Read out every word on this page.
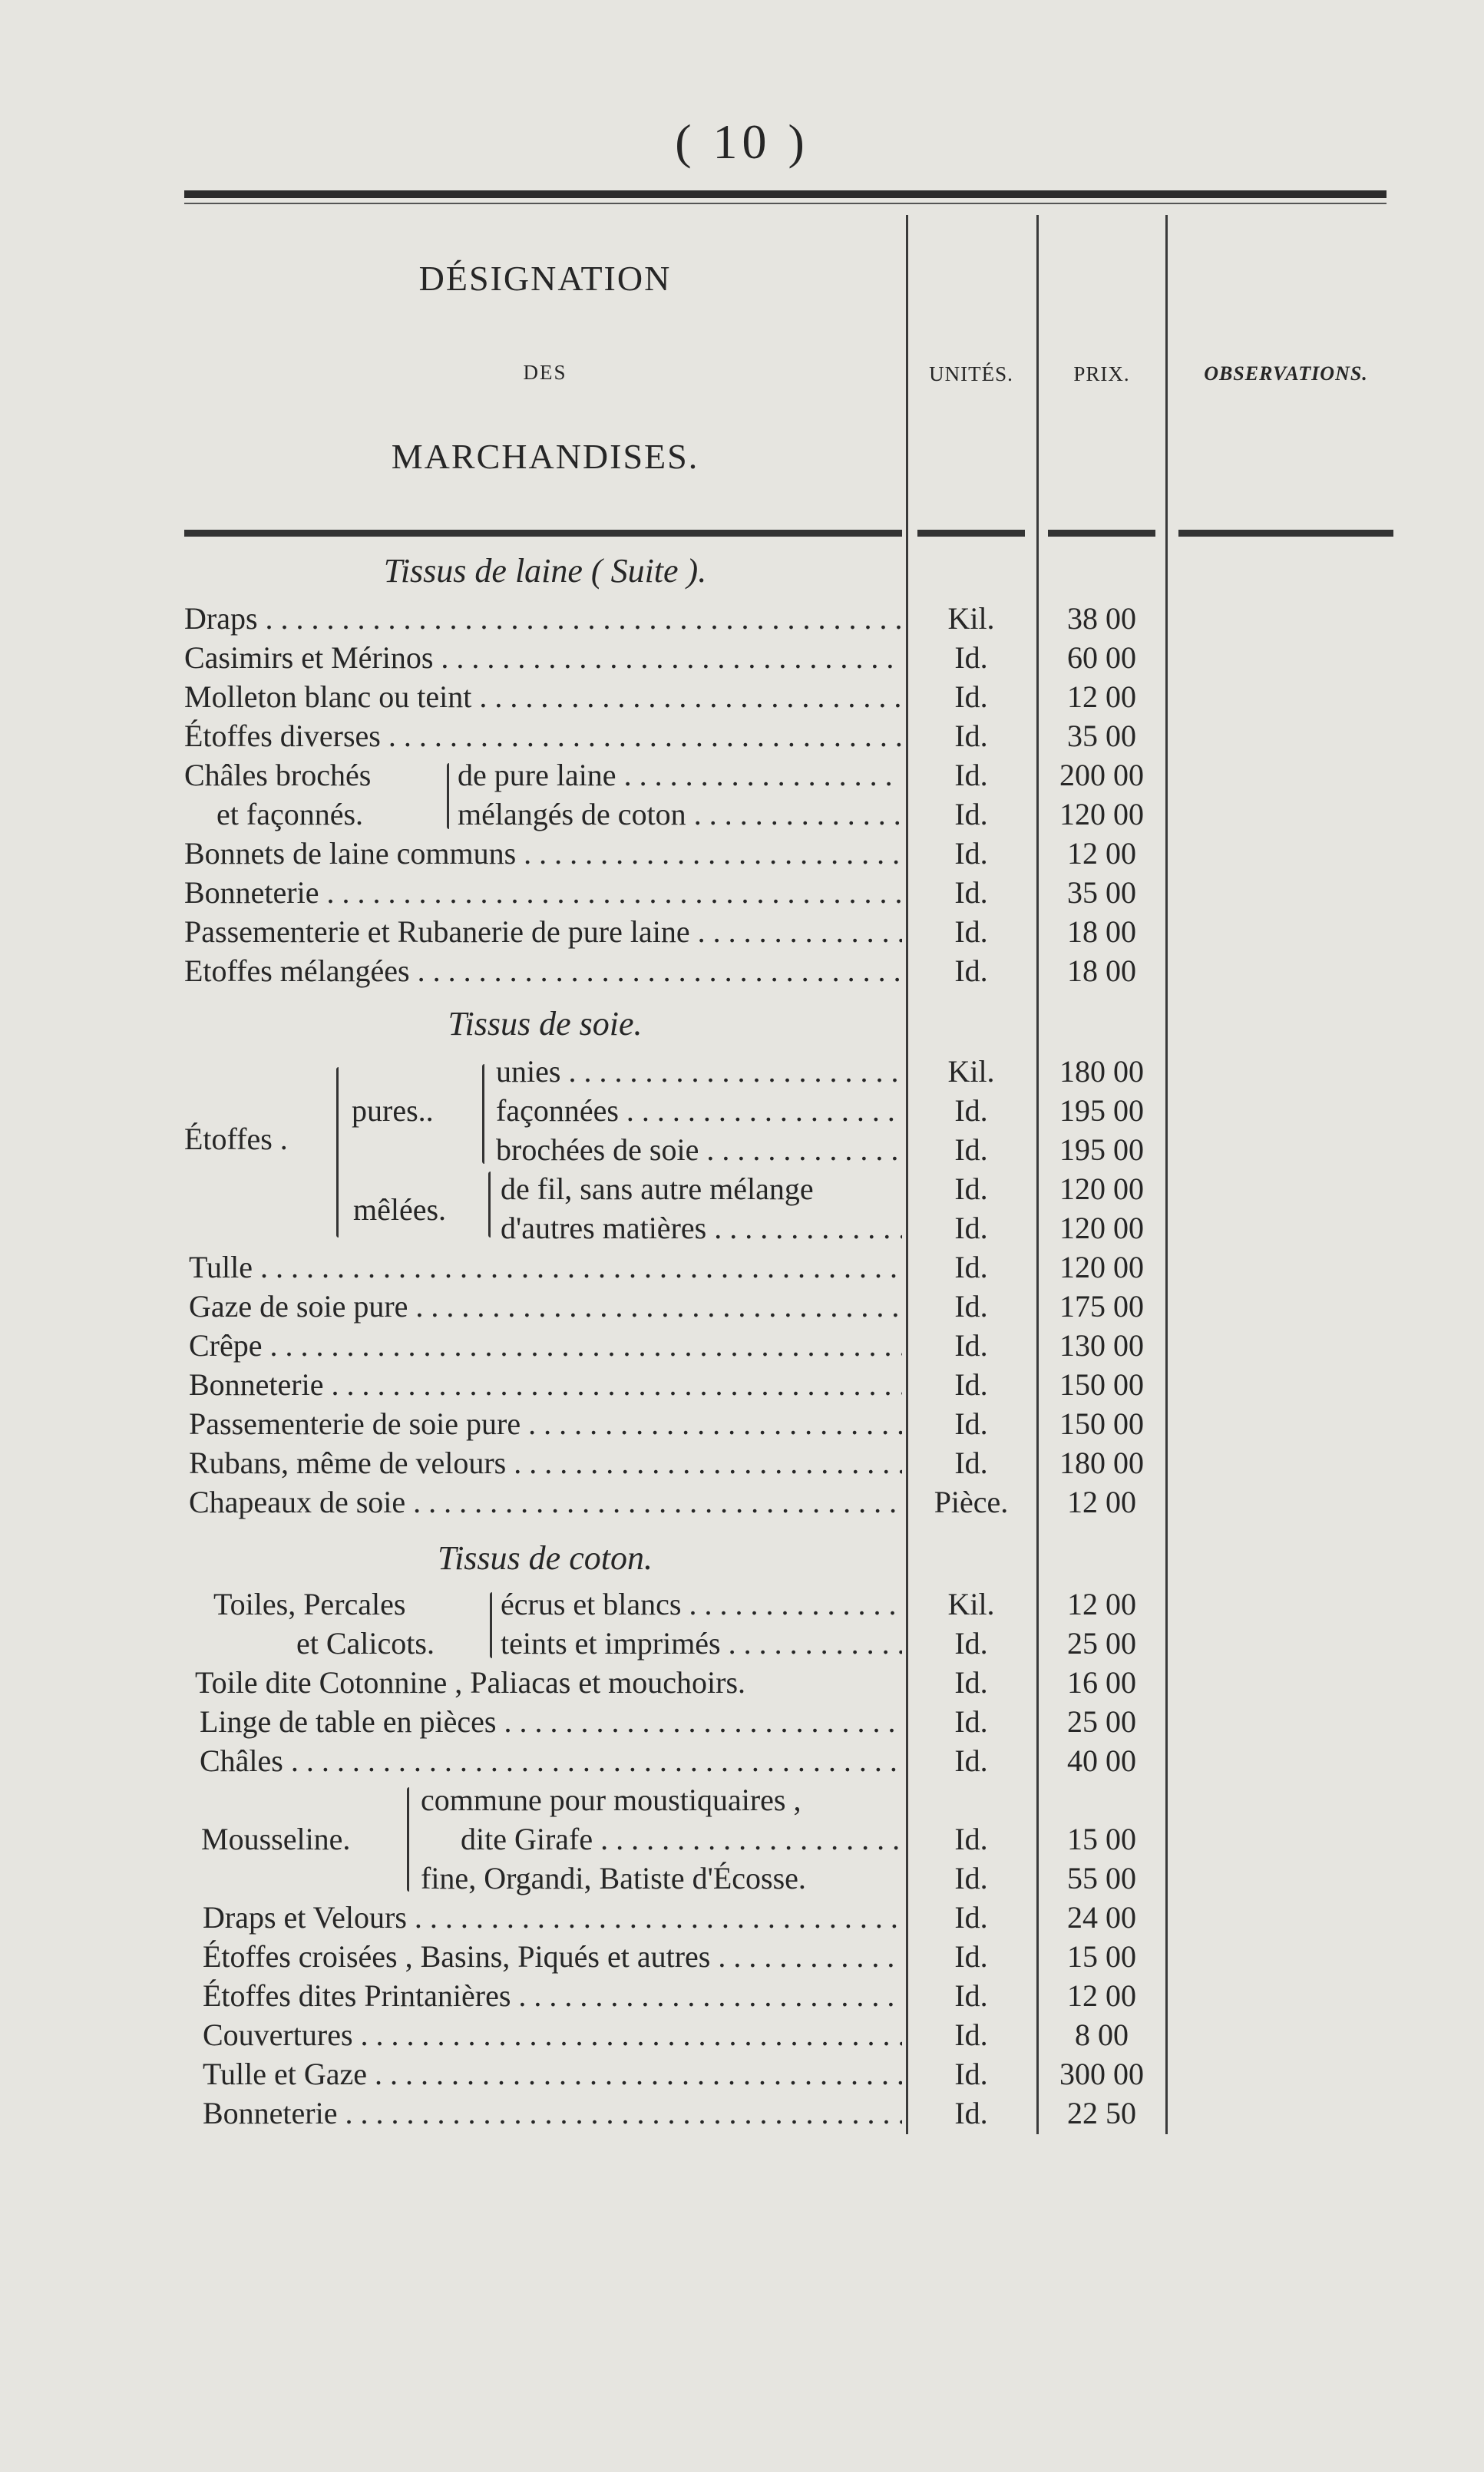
( 10 )
DÉSIGNATION
DES
MARCHANDISES.
UNITÉS.	PRIX.	OBSERVATIONS.
Tissus de laine ( Suite ).
Draps . . .	Kil.	38 00
Casimirs et Mérinos . . .	Id.	60 00
Molleton blanc ou teint . . .	Id.	12 00
Étoffes diverses . . .	Id.	35 00
Châles brochés
et façonnés.
de pure laine . . .	Id.	200 00
mélangés de coton . . .	Id.	120 00
Bonnets de laine communs . . .	Id.	12 00
Bonneterie . . .	Id.	35 00
Passementerie et Rubanerie de pure laine . . .	Id.	18 00
Etoffes mélangées . . .	Id.	18 00
Tissus de soie.
Étoffes .
pures..
mêlées.
unies . . .	Kil.	180 00
façonnées . . .	Id.	195 00
brochées de soie . . .	Id.	195 00
de fil, sans autre mélange	Id.	120 00
d'autres matières . . .	Id.	120 00
Tulle . . .	Id.	120 00
Gaze de soie pure . . .	Id.	175 00
Crêpe . . .	Id.	130 00
Bonneterie . . .	Id.	150 00
Passementerie de soie pure . . .	Id.	150 00
Rubans, même de velours . . .	Id.	180 00
Chapeaux de soie . . .	Pièce.	12 00
Tissus de coton.
Toiles, Percales
et Calicots.
écrus et blancs . . .	Kil.	12 00
teints et imprimés . . .	Id.	25 00
Toile dite Cotonnine , Paliacas et mouchoirs.	Id.	16 00
Linge de table en pièces . . .	Id.	25 00
Châles . . .	Id.	40 00
Mousseline.
commune pour moustiquaires ,
dite Girafe . . .	Id.	15 00
fine, Organdi, Batiste d'Écosse.	Id.	55 00
Draps et Velours . . .	Id.	24 00
Étoffes croisées , Basins, Piqués et autres . . .	Id.	15 00
Étoffes dites Printanières . . .	Id.	12 00
Couvertures . . .	Id.	8 00
Tulle et Gaze . . .	Id.	300 00
Bonneterie . . .	Id.	22 50
